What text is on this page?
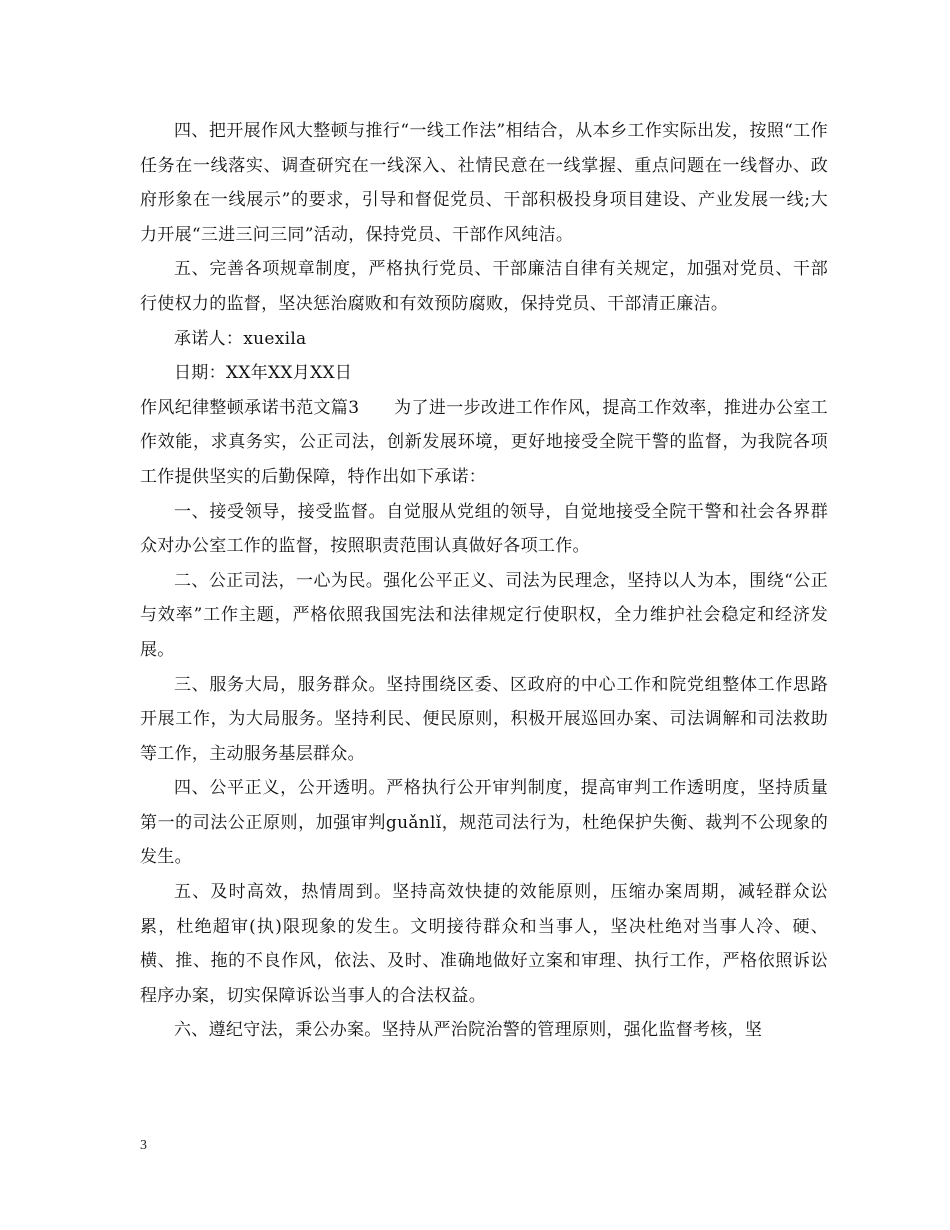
四、把开展作风大整顿与推行“一线工作法”相结合，从本乡工作实际出发，按照“工作任务在一线落实、调查研究在一线深入、社情民意在一线掌握、重点问题在一线督办、政府形象在一线展示”的要求，引导和督促党员、干部积极投身项目建设、产业发展一线;大力开展“三进三问三同”活动，保持党员、干部作风纯洁。

五、完善各项规章制度，严格执行党员、干部廉洁自律有关规定，加强对党员、干部行使权力的监督，坚决惩治腐败和有效预防腐败，保持党员、干部清正廉洁。

承诺人：xuexila

日期：XX年XX月XX日

作风纪律整顿承诺书范文篇3　　为了进一步改进工作作风，提高工作效率，推进办公室工作效能，求真务实，公正司法，创新发展环境，更好地接受全院干警的监督，为我院各项工作提供坚实的后勤保障，特作出如下承诺：

一、接受领导，接受监督。自觉服从党组的领导，自觉地接受全院干警和社会各界群众对办公室工作的监督，按照职责范围认真做好各项工作。

二、公正司法，一心为民。强化公平正义、司法为民理念，坚持以人为本，围绕“公正与效率”工作主题，严格依照我国宪法和法律规定行使职权，全力维护社会稳定和经济发展。

三、服务大局，服务群众。坚持围绕区委、区政府的中心工作和院党组整体工作思路开展工作，为大局服务。坚持利民、便民原则，积极开展巡回办案、司法调解和司法救助等工作，主动服务基层群众。

四、公平正义，公开透明。严格执行公开审判制度，提高审判工作透明度，坚持质量第一的司法公正原则，加强审判guǎnlǐ，规范司法行为，杜绝保护失衡、裁判不公现象的发生。

五、及时高效，热情周到。坚持高效快捷的效能原则，压缩办案周期，减轻群众讼累，杜绝超审(执)限现象的发生。文明接待群众和当事人，坚决杜绝对当事人冷、硬、横、推、拖的不良作风，依法、及时、准确地做好立案和审理、执行工作，严格依照诉讼程序办案，切实保障诉讼当事人的合法权益。

六、遵纪守法，秉公办案。坚持从严治院治警的管理原则，强化监督考核，坚

3
